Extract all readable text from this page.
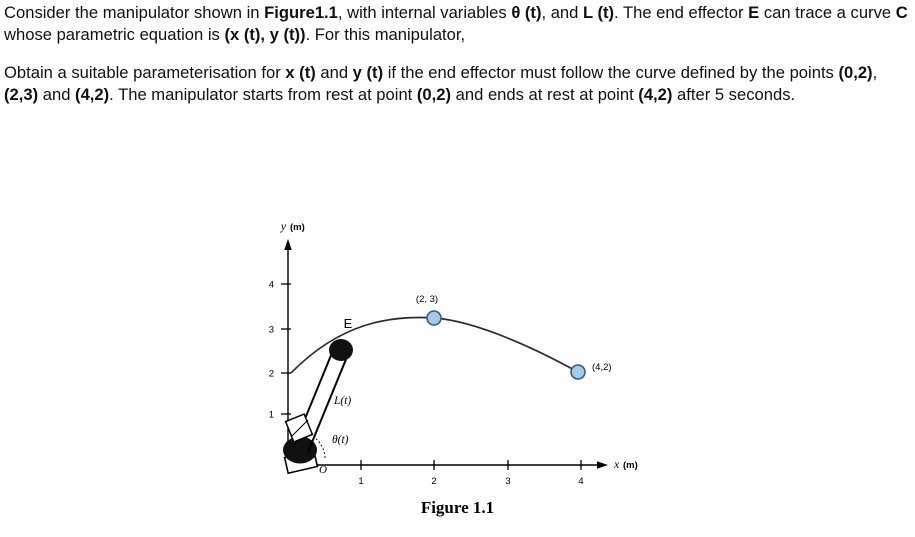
Consider the manipulator shown in Figure1.1, with internal variables θ (t), and L (t). The end effector E can trace a curve C whose parametric equation is (x (t), y (t)). For this manipulator,
Obtain a suitable parameterisation for x (t) and y (t) if the end effector must follow the curve defined by the points (0,2), (2,3) and (4,2). The manipulator starts from rest at point (0,2) and ends at rest at point (4,2) after 5 seconds.
y (m)
x (m)
1
2
3
4
1	2	3	4
E
L(t)
θ(t)
O
(2, 3)
(4,2)
Figure 1.1
